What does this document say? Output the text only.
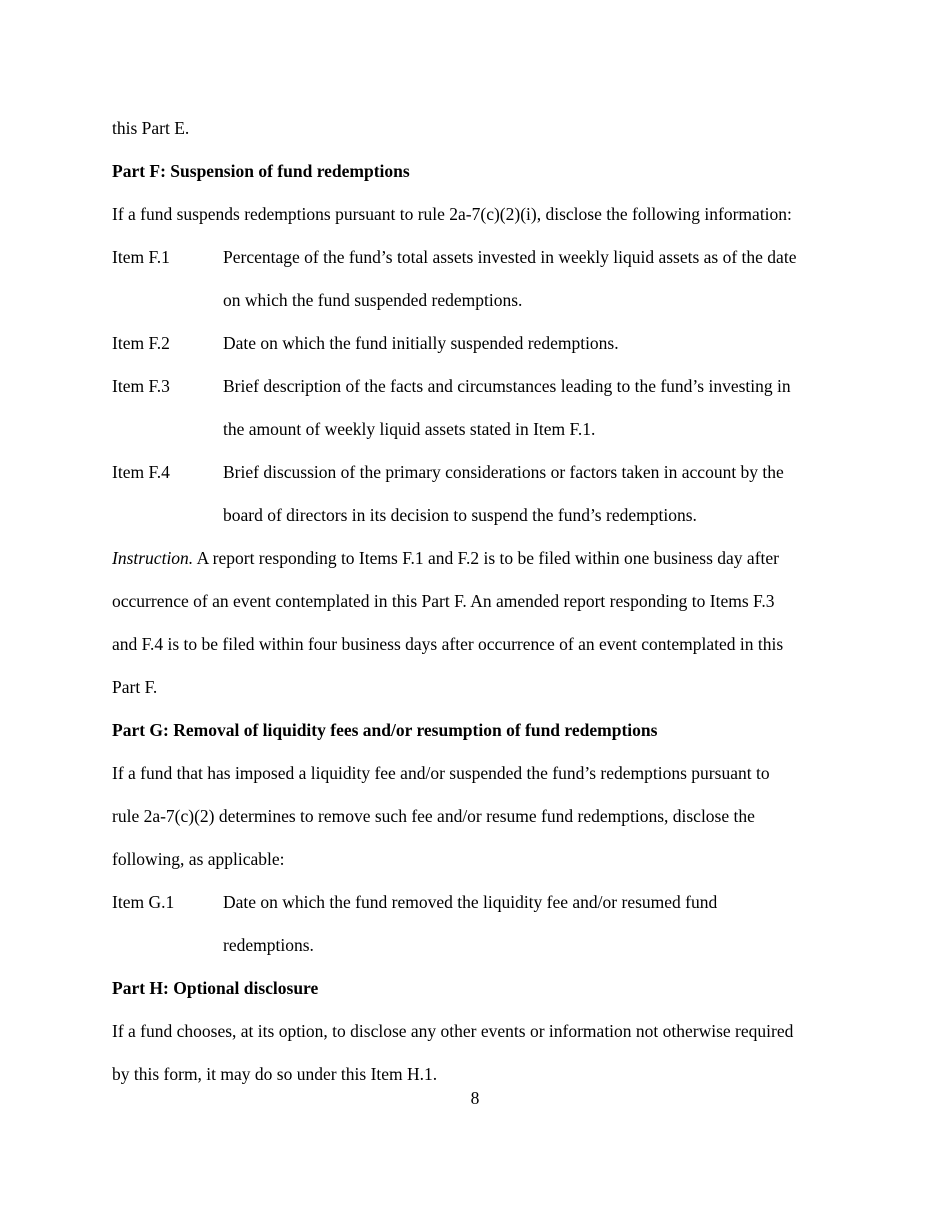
this Part E.
Part F: Suspension of fund redemptions
If a fund suspends redemptions pursuant to rule 2a-7(c)(2)(i), disclose the following information:
Item F.1	Percentage of the fund’s total assets invested in weekly liquid assets as of the date
on which the fund suspended redemptions.
Item F.2	Date on which the fund initially suspended redemptions.
Item F.3	Brief description of the facts and circumstances leading to the fund’s investing in
the amount of weekly liquid assets stated in Item F.1.
Item F.4	Brief discussion of the primary considerations or factors taken in account by the
board of directors in its decision to suspend the fund’s redemptions.
Instruction. A report responding to Items F.1 and F.2 is to be filed within one business day after
occurrence of an event contemplated in this Part F. An amended report responding to Items F.3
and F.4 is to be filed within four business days after occurrence of an event contemplated in this
Part F.
Part G: Removal of liquidity fees and/or resumption of fund redemptions
If a fund that has imposed a liquidity fee and/or suspended the fund’s redemptions pursuant to
rule 2a-7(c)(2) determines to remove such fee and/or resume fund redemptions, disclose the
following, as applicable:
Item G.1	Date on which the fund removed the liquidity fee and/or resumed fund
redemptions.
Part H: Optional disclosure
If a fund chooses, at its option, to disclose any other events or information not otherwise required
by this form, it may do so under this Item H.1.
8
